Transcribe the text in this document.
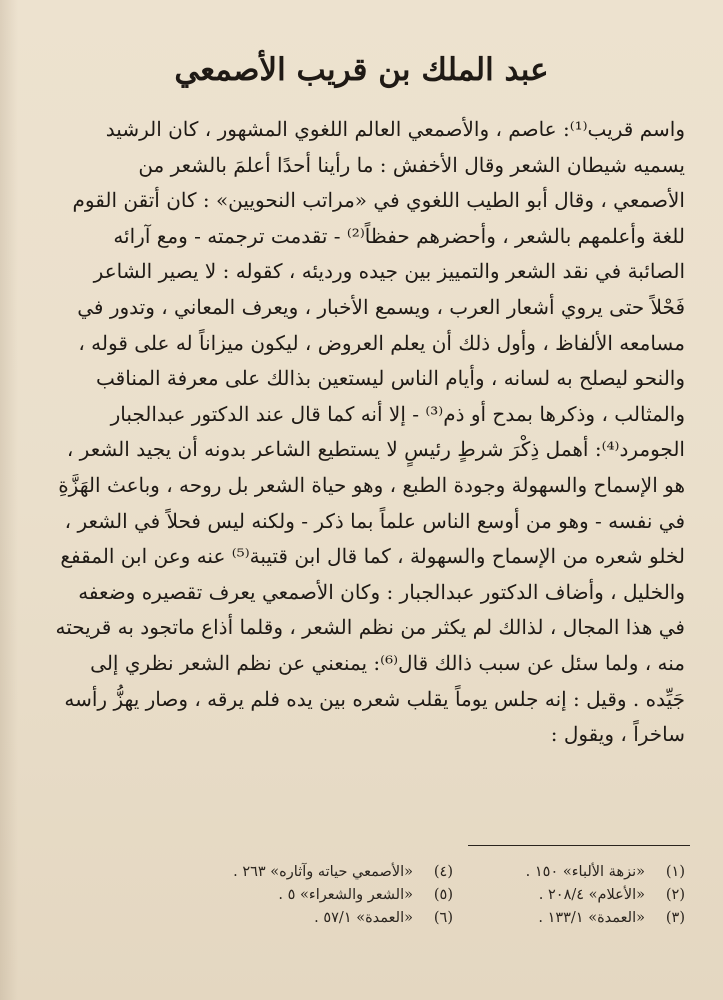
عبد الملك بن قريب الأصمعي
واسم قريب⁽¹⁾: عاصم ، والأصمعي العالم اللغوي المشهور ، كان الرشيد
يسميه شيطان الشعر وقال الأخفش : ما رأينا أحدًا أعلمَ بالشعر من
الأصمعي ، وقال أبو الطيب اللغوي في «مراتب النحويين» : كان أتقن القوم
للغة وأعلمهم بالشعر ، وأحضرهم حفظاً⁽²⁾ - تقدمت ترجمته - ومع آرائه
الصائبة في نقد الشعر والتمييز بين جيده ورديئه ، كقوله : لا يصير الشاعر
فَحْلاً حتى يروي أشعار العرب ، ويسمع الأخبار ، ويعرف المعاني ، وتدور في
مسامعه الألفاظ ، وأول ذلك أن يعلم العروض ، ليكون ميزاناً له على قوله ،
والنحو ليصلح به لسانه ، وأيام الناس ليستعين بذالك على معرفة المناقب
والمثالب ، وذكرها بمدح أو ذم⁽³⁾ - إلا أنه كما قال عند الدكتور عبدالجبار
الجومرد⁽⁴⁾: أهمل ذِكْرَ شرطٍ رئيسٍ لا يستطيع الشاعر بدونه أن يجيد الشعر ،
هو الإسماح والسهولة وجودة الطبع ، وهو حياة الشعر بل روحه ، وباعث الهَزَّةِ
في نفسه - وهو من أوسع الناس علماً بما ذكر - ولكنه ليس فحلاً في الشعر ،
لخلو شعره من الإسماح والسهولة ، كما قال ابن قتيبة⁽⁵⁾ عنه وعن ابن المقفع
والخليل ، وأضاف الدكتور عبدالجبار : وكان الأصمعي يعرف تقصيره وضعفه
في هذا المجال ، لذالك لم يكثر من نظم الشعر ، وقلما أذاع ماتجود به قريحته
منه ، ولما سئل عن سبب ذالك قال⁽⁶⁾: يمنعني عن نظم الشعر نظري إلى
جَيِّده . وقيل : إنه جلس يوماً يقلب شعره بين يده فلم يرقه ، وصار يهزُّ رأسه
ساخراً ، ويقول :
(١)«نزهة الألباء» ١٥٠ .
(٢)«الأعلام» ٢٠٨/٤ .
(٣)«العمدة» ١٣٣/١ .
(٤)«الأصمعي حياته وآثاره» ٢٦٣ .
(٥)«الشعر والشعراء» ٥ .
(٦)«العمدة» ٥٧/١ .
